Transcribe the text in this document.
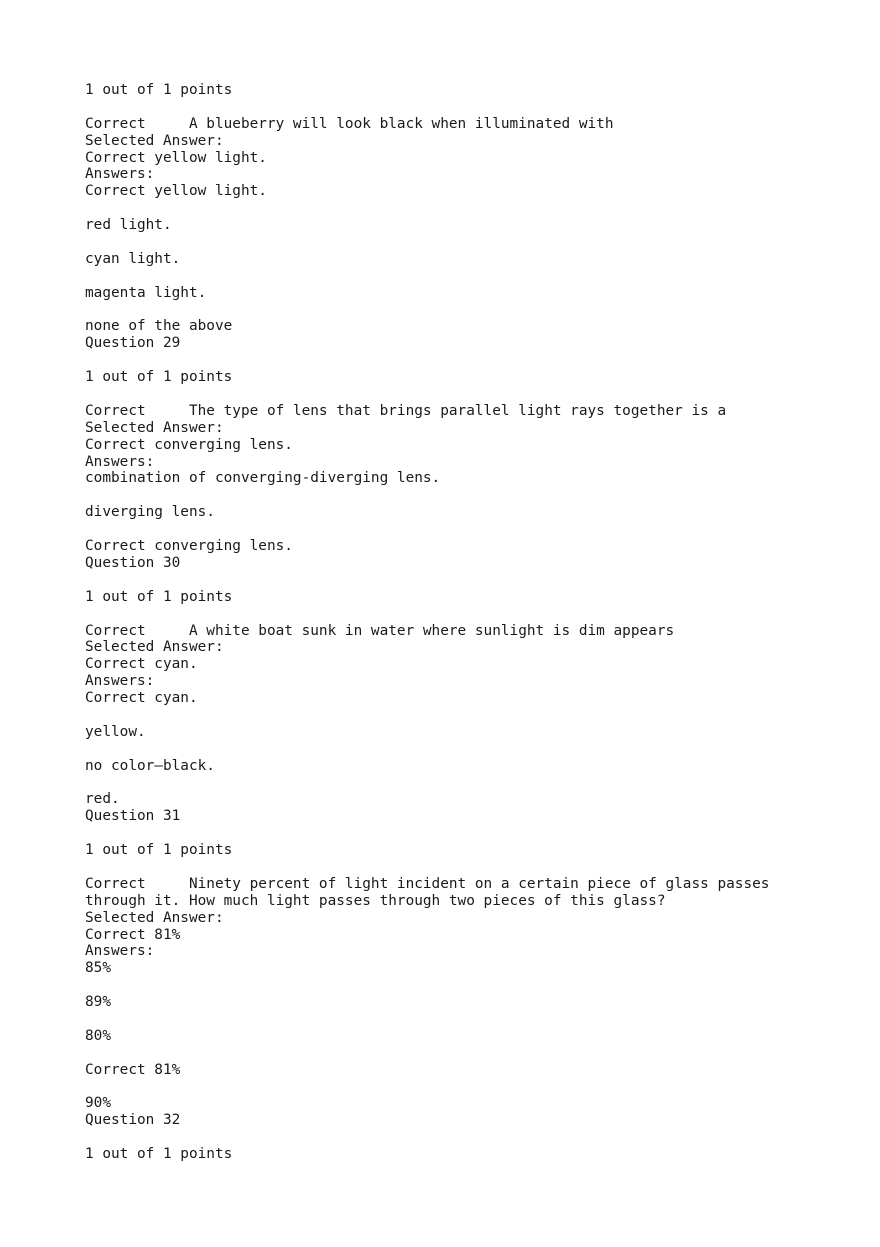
1 out of 1 points
Correct	A blueberry will look black when illuminated with
Selected Answer:
Correct yellow light.
Answers:
Correct yellow light.
red light.
cyan light.
magenta light.
none of the above
Question 29
1 out of 1 points
Correct	The type of lens that brings parallel light rays together is a
Selected Answer:
Correct converging lens.
Answers:
combination of converging-diverging lens.
diverging lens.
Correct converging lens.
Question 30
1 out of 1 points
Correct	A white boat sunk in water where sunlight is dim appears
Selected Answer:
Correct cyan.
Answers:
Correct cyan.
yellow.
no color–black.
red.
Question 31
1 out of 1 points
Correct	Ninety percent of light incident on a certain piece of glass passes through it. How much light passes through two pieces of this glass?
Selected Answer:
Correct 81%
Answers:
85%
89%
80%
Correct 81%
90%
Question 32
1 out of 1 points
